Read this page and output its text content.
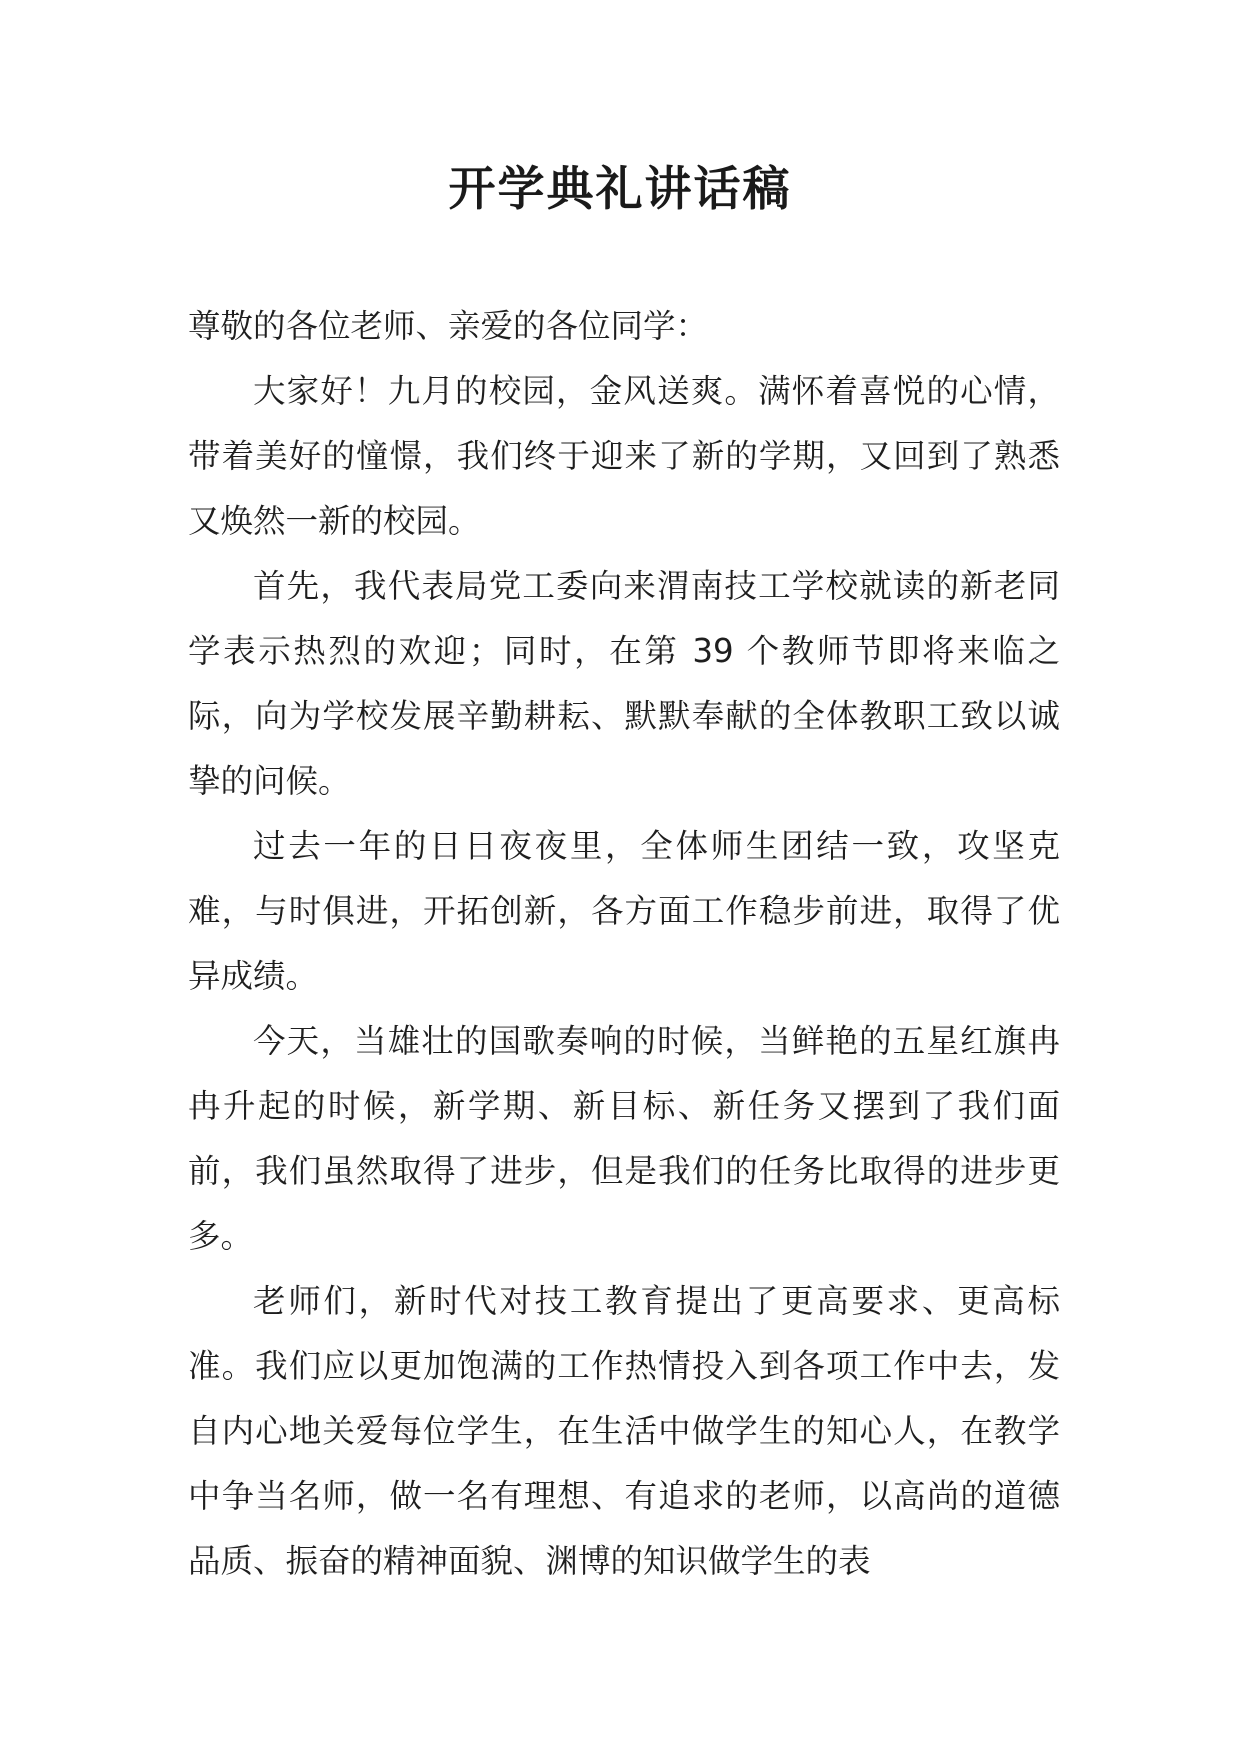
开学典礼讲话稿

尊敬的各位老师、亲爱的各位同学：

大家好！九月的校园，金风送爽。满怀着喜悦的心情，带着美好的憧憬，我们终于迎来了新的学期，又回到了熟悉又焕然一新的校园。

首先，我代表局党工委向来渭南技工学校就读的新老同学表示热烈的欢迎；同时，在第 39 个教师节即将来临之际，向为学校发展辛勤耕耘、默默奉献的全体教职工致以诚挚的问候。

过去一年的日日夜夜里，全体师生团结一致，攻坚克难，与时俱进，开拓创新，各方面工作稳步前进，取得了优异成绩。

今天，当雄壮的国歌奏响的时候，当鲜艳的五星红旗冉冉升起的时候，新学期、新目标、新任务又摆到了我们面前，我们虽然取得了进步，但是我们的任务比取得的进步更多。

老师们，新时代对技工教育提出了更高要求、更高标准。我们应以更加饱满的工作热情投入到各项工作中去，发自内心地关爱每位学生，在生活中做学生的知心人，在教学中争当名师，做一名有理想、有追求的老师，以高尚的道德品质、振奋的精神面貌、渊博的知识做学生的表
